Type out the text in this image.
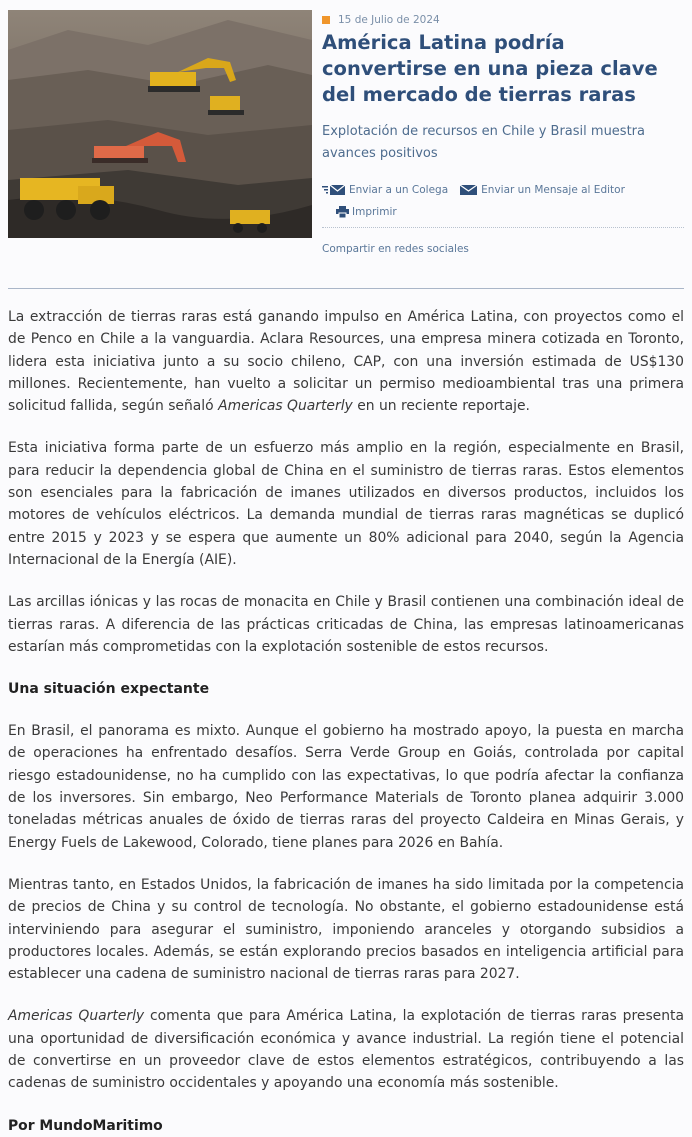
15 de Julio de 2024
América Latina podría convertirse en una pieza clave del mercado de tierras raras
Explotación de recursos en Chile y Brasil muestra avances positivos
Enviar a un Colega	Enviar un Mensaje al Editor
Imprimir
Compartir en redes sociales

La extracción de tierras raras está ganando impulso en América Latina, con proyectos como el de Penco en Chile a la vanguardia. Aclara Resources, una empresa minera cotizada en Toronto, lidera esta iniciativa junto a su socio chileno, CAP, con una inversión estimada de US$130 millones. Recientemente, han vuelto a solicitar un permiso medioambiental tras una primera solicitud fallida, según señaló Americas Quarterly en un reciente reportaje.

Esta iniciativa forma parte de un esfuerzo más amplio en la región, especialmente en Brasil, para reducir la dependencia global de China en el suministro de tierras raras. Estos elementos son esenciales para la fabricación de imanes utilizados en diversos productos, incluidos los motores de vehículos eléctricos. La demanda mundial de tierras raras magnéticas se duplicó entre 2015 y 2023 y se espera que aumente un 80% adicional para 2040, según la Agencia Internacional de la Energía (AIE).

Las arcillas iónicas y las rocas de monacita en Chile y Brasil contienen una combinación ideal de tierras raras. A diferencia de las prácticas criticadas de China, las empresas latinoamericanas estarían más comprometidas con la explotación sostenible de estos recursos.

Una situación expectante

En Brasil, el panorama es mixto. Aunque el gobierno ha mostrado apoyo, la puesta en marcha de operaciones ha enfrentado desafíos. Serra Verde Group en Goiás, controlada por capital riesgo estadounidense, no ha cumplido con las expectativas, lo que podría afectar la confianza de los inversores. Sin embargo, Neo Performance Materials de Toronto planea adquirir 3.000 toneladas métricas anuales de óxido de tierras raras del proyecto Caldeira en Minas Gerais, y Energy Fuels de Lakewood, Colorado, tiene planes para 2026 en Bahía.

Mientras tanto, en Estados Unidos, la fabricación de imanes ha sido limitada por la competencia de precios de China y su control de tecnología. No obstante, el gobierno estadounidense está interviniendo para asegurar el suministro, imponiendo aranceles y otorgando subsidios a productores locales. Además, se están explorando precios basados en inteligencia artificial para establecer una cadena de suministro nacional de tierras raras para 2027.

Americas Quarterly comenta que para América Latina, la explotación de tierras raras presenta una oportunidad de diversificación económica y avance industrial. La región tiene el potencial de convertirse en un proveedor clave de estos elementos estratégicos, contribuyendo a las cadenas de suministro occidentales y apoyando una economía más sostenible.

Por MundoMaritimo
